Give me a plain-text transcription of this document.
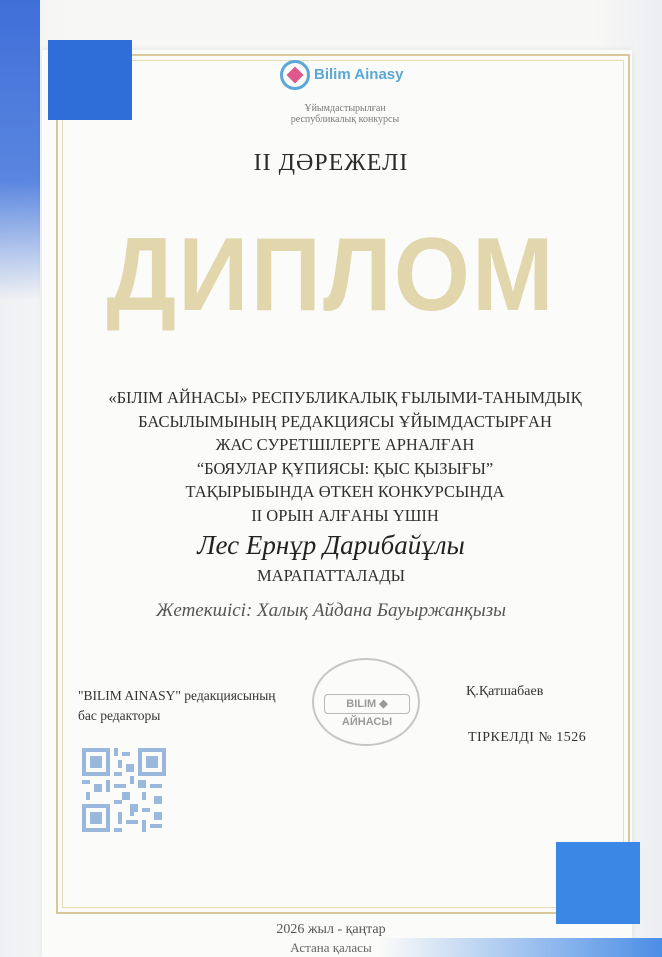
Bilim Ainasy
Ұйымдастырылған
республикалық конкурсы
II ДӘРЕЖЕЛІ
ДИПЛОМ
«БІЛІМ АЙНАСЫ» РЕСПУБЛИКАЛЫҚ ҒЫЛЫМИ-ТАНЫМДЫҚ
БАСЫЛЫМЫНЫҢ РЕДАКЦИЯСЫ ҰЙЫМДАСТЫРҒАН
ЖАС СУРЕТШІЛЕРГЕ АРНАЛҒАН
“БОЯУЛАР ҚҰПИЯСЫ: ҚЫС ҚЫЗЫҒЫ”
ТАҚЫРЫБЫНДА ӨТКЕН КОНКУРСЫНДА
II ОРЫН АЛҒАНЫ ҮШІН
Лес Ернұр Дарибайұлы
МАРАПАТТАЛАДЫ
Жетекшісі: Халық Айдана Бауыржанқызы
"BILIM AINASY" редакциясының
бас редакторы
BILIM ◆ АЙНАСЫ
Қ.Қатшабаев
ТІРКЕЛДІ № 1526
2026 жыл - қаңтар
Астана қаласы
